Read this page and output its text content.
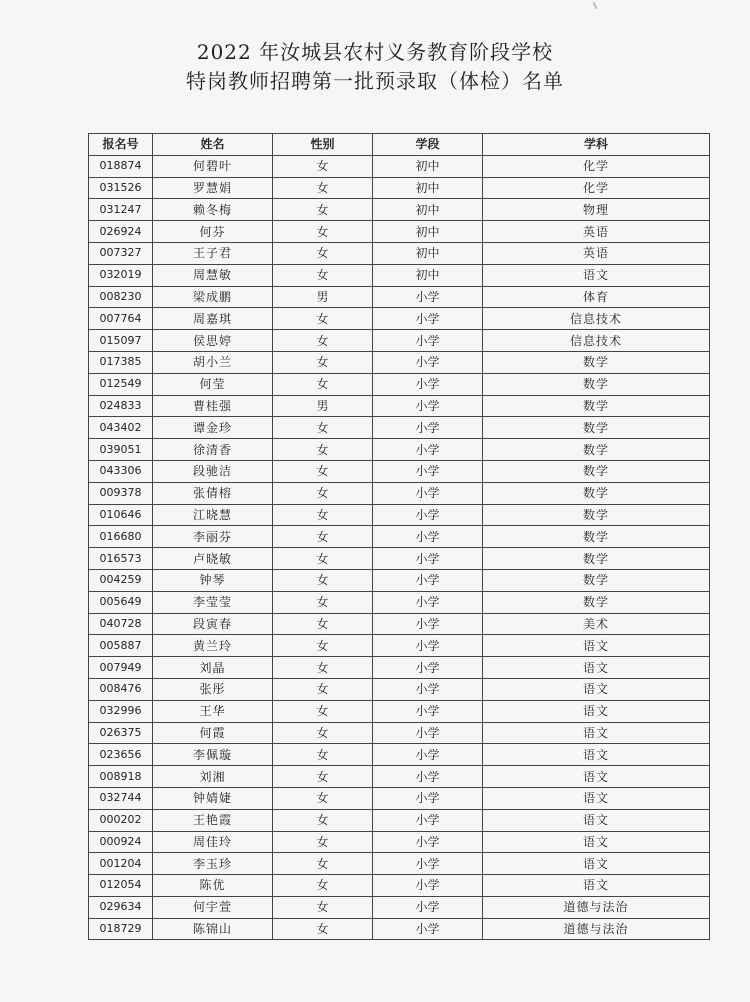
2022 年汝城县农村义务教育阶段学校
特岗教师招聘第一批预录取（体检）名单
报名号	姓名	性别	学段	学科
018874	何碧叶	女	初中	化学
031526	罗慧娟	女	初中	化学
031247	赖冬梅	女	初中	物理
026924	何芬	女	初中	英语
007327	王子君	女	初中	英语
032019	周慧敏	女	初中	语文
008230	梁成鹏	男	小学	体育
007764	周嘉琪	女	小学	信息技术
015097	侯思婷	女	小学	信息技术
017385	胡小兰	女	小学	数学
012549	何莹	女	小学	数学
024833	曹桂强	男	小学	数学
043402	谭金珍	女	小学	数学
039051	徐清香	女	小学	数学
043306	段驰洁	女	小学	数学
009378	张倩榕	女	小学	数学
010646	江晓慧	女	小学	数学
016680	李丽芬	女	小学	数学
016573	卢晓敏	女	小学	数学
004259	钟琴	女	小学	数学
005649	李莹莹	女	小学	数学
040728	段寅春	女	小学	美术
005887	黄兰玲	女	小学	语文
007949	刘晶	女	小学	语文
008476	张彤	女	小学	语文
032996	王华	女	小学	语文
026375	何霞	女	小学	语文
023656	李佩璇	女	小学	语文
008918	刘湘	女	小学	语文
032744	钟婧婕	女	小学	语文
000202	王艳霞	女	小学	语文
000924	周佳玲	女	小学	语文
001204	李玉珍	女	小学	语文
012054	陈优	女	小学	语文
029634	何宇萱	女	小学	道德与法治
018729	陈锦山	女	小学	道德与法治
